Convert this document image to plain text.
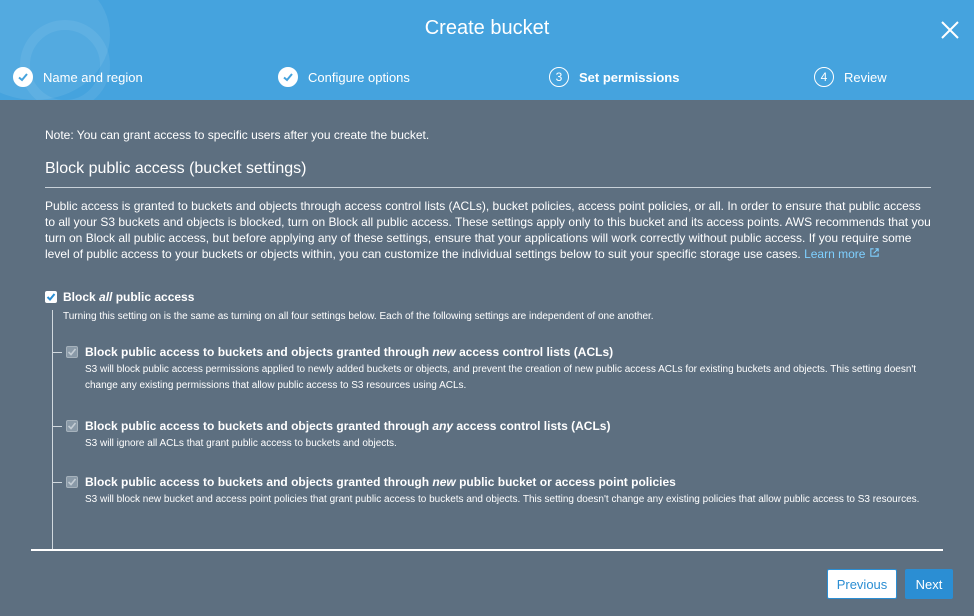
Create bucket
Name and region	Configure options	3	Set permissions	4	Review
Note: You can grant access to specific users after you create the bucket.
Block public access (bucket settings)
Public access is granted to buckets and objects through access control lists (ACLs), bucket policies, access point policies, or all. In order to ensure that public access to all your S3 buckets and objects is blocked, turn on Block all public access. These settings apply only to this bucket and its access points. AWS recommends that you turn on Block all public access, but before applying any of these settings, ensure that your applications will work correctly without public access. If you require some level of public access to your buckets or objects within, you can customize the individual settings below to suit your specific storage use cases. Learn more
Block all public access
Turning this setting on is the same as turning on all four settings below. Each of the following settings are independent of one another.
Block public access to buckets and objects granted through new access control lists (ACLs)
S3 will block public access permissions applied to newly added buckets or objects, and prevent the creation of new public access ACLs for existing buckets and objects. This setting doesn't change any existing permissions that allow public access to S3 resources using ACLs.
Block public access to buckets and objects granted through any access control lists (ACLs)
S3 will ignore all ACLs that grant public access to buckets and objects.
Block public access to buckets and objects granted through new public bucket or access point policies
S3 will block new bucket and access point policies that grant public access to buckets and objects. This setting doesn't change any existing policies that allow public access to S3 resources.
Previous	Next
